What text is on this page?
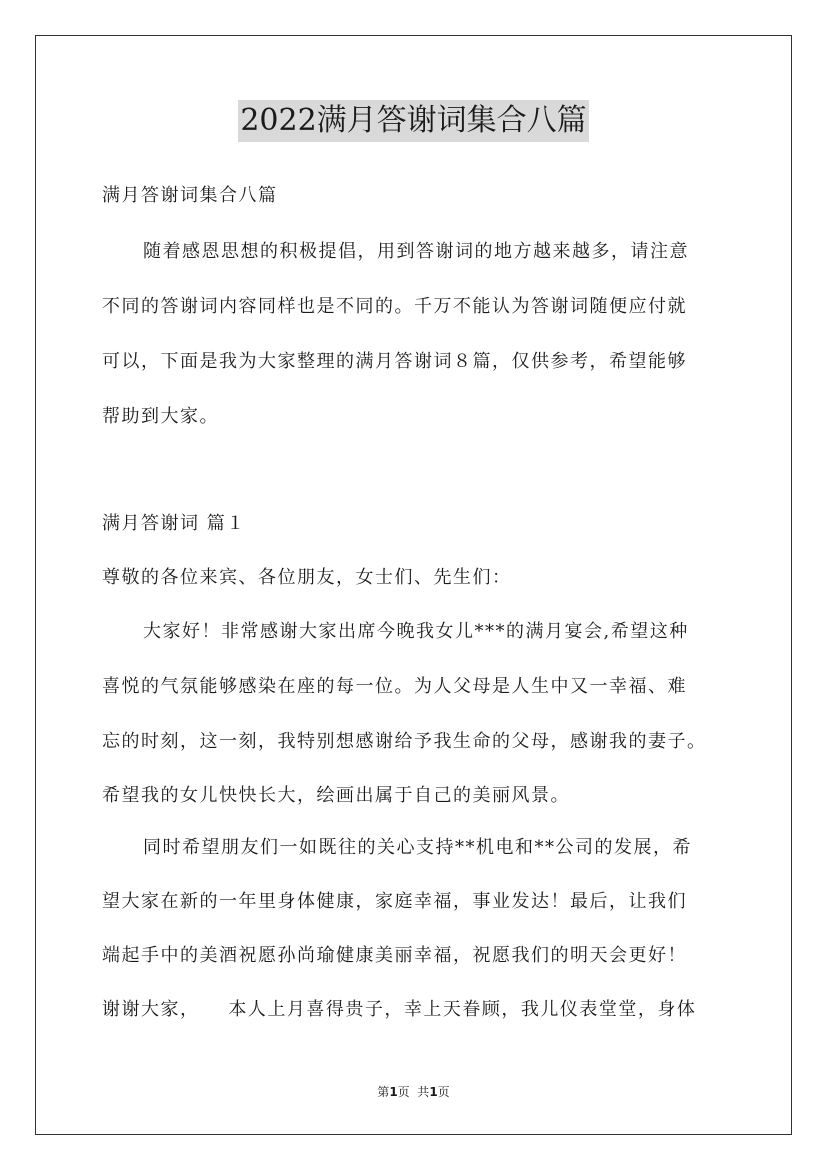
2022满月答谢词集合八篇
满月答谢词集合八篇
随着感恩思想的积极提倡，用到答谢词的地方越来越多，请注意
不同的答谢词内容同样也是不同的。千万不能认为答谢词随便应付就
可以，下面是我为大家整理的满月答谢词８篇，仅供参考，希望能够
帮助到大家。
满月答谢词 篇１
尊敬的各位来宾、各位朋友，女士们、先生们：
大家好！非常感谢大家出席今晚我女儿***的满月宴会,希望这种
喜悦的气氛能够感染在座的每一位。为人父母是人生中又一幸福、难
忘的时刻，这一刻，我特别想感谢给予我生命的父母，感谢我的妻子。
希望我的女儿快快长大，绘画出属于自己的美丽风景。
同时希望朋友们一如既往的关心支持**机电和**公司的发展，希
望大家在新的一年里身体健康，家庭幸福，事业发达！最后，让我们
端起手中的美酒祝愿孙尚瑜健康美丽幸福，祝愿我们的明天会更好！
谢谢大家，    本人上月喜得贵子，幸上天眷顾，我儿仪表堂堂，身体
第1页  共1页
